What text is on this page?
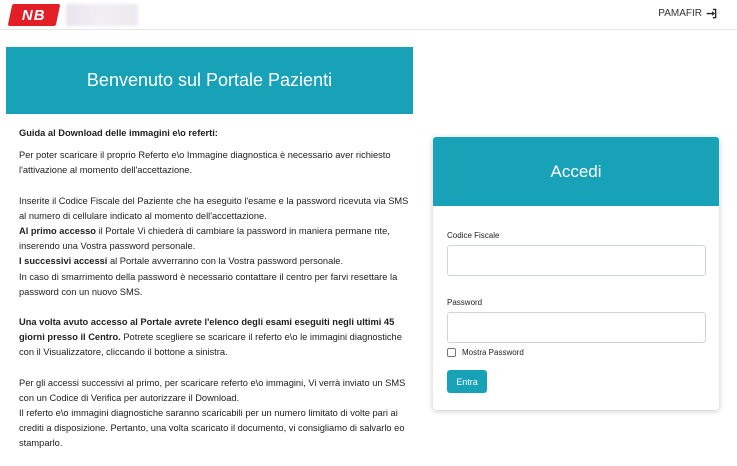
NB	PAMAFIR
Benvenuto sul Portale Pazienti

Guida al Download delle immagini e\o referti:

Per poter scaricare il proprio Referto e\o Immagine diagnostica è necessario aver richiesto l'attivazione al momento dell'accettazione.

Inserite il Codice Fiscale del Paziente che ha eseguito l'esame e la password ricevuta via SMS al numero di cellulare indicato al momento dell'accettazione.

Al primo accesso il Portale Vi chiederà di cambiare la password in maniera permane nte, inserendo una Vostra password personale.

I successivi accessi al Portale avverranno con la Vostra password personale.

In caso di smarrimento della password è necessario contattare il centro per farvi resettare la password con un nuovo SMS.

Una volta avuto accesso al Portale avrete l'elenco degli esami eseguiti negli ultimi 45 giorni presso il Centro. Potrete scegliere se scaricare il referto e\o le immagini diagnostiche con il Visualizzatore, cliccando il bottone a sinistra.

Per gli accessi successivi al primo, per scaricare referto e\o immagini, Vi verrà inviato un SMS con un Codice di Verifica per autorizzare il Download.

Il referto e\o immagini diagnostiche saranno scaricabili per un numero limitato di volte pari ai crediti a disposizione. Pertanto, una volta scaricato il documento, vi consigliamo di salvarlo eo stamparlo.

Accedi
Codice Fiscale
Password
Mostra Password
Entra
